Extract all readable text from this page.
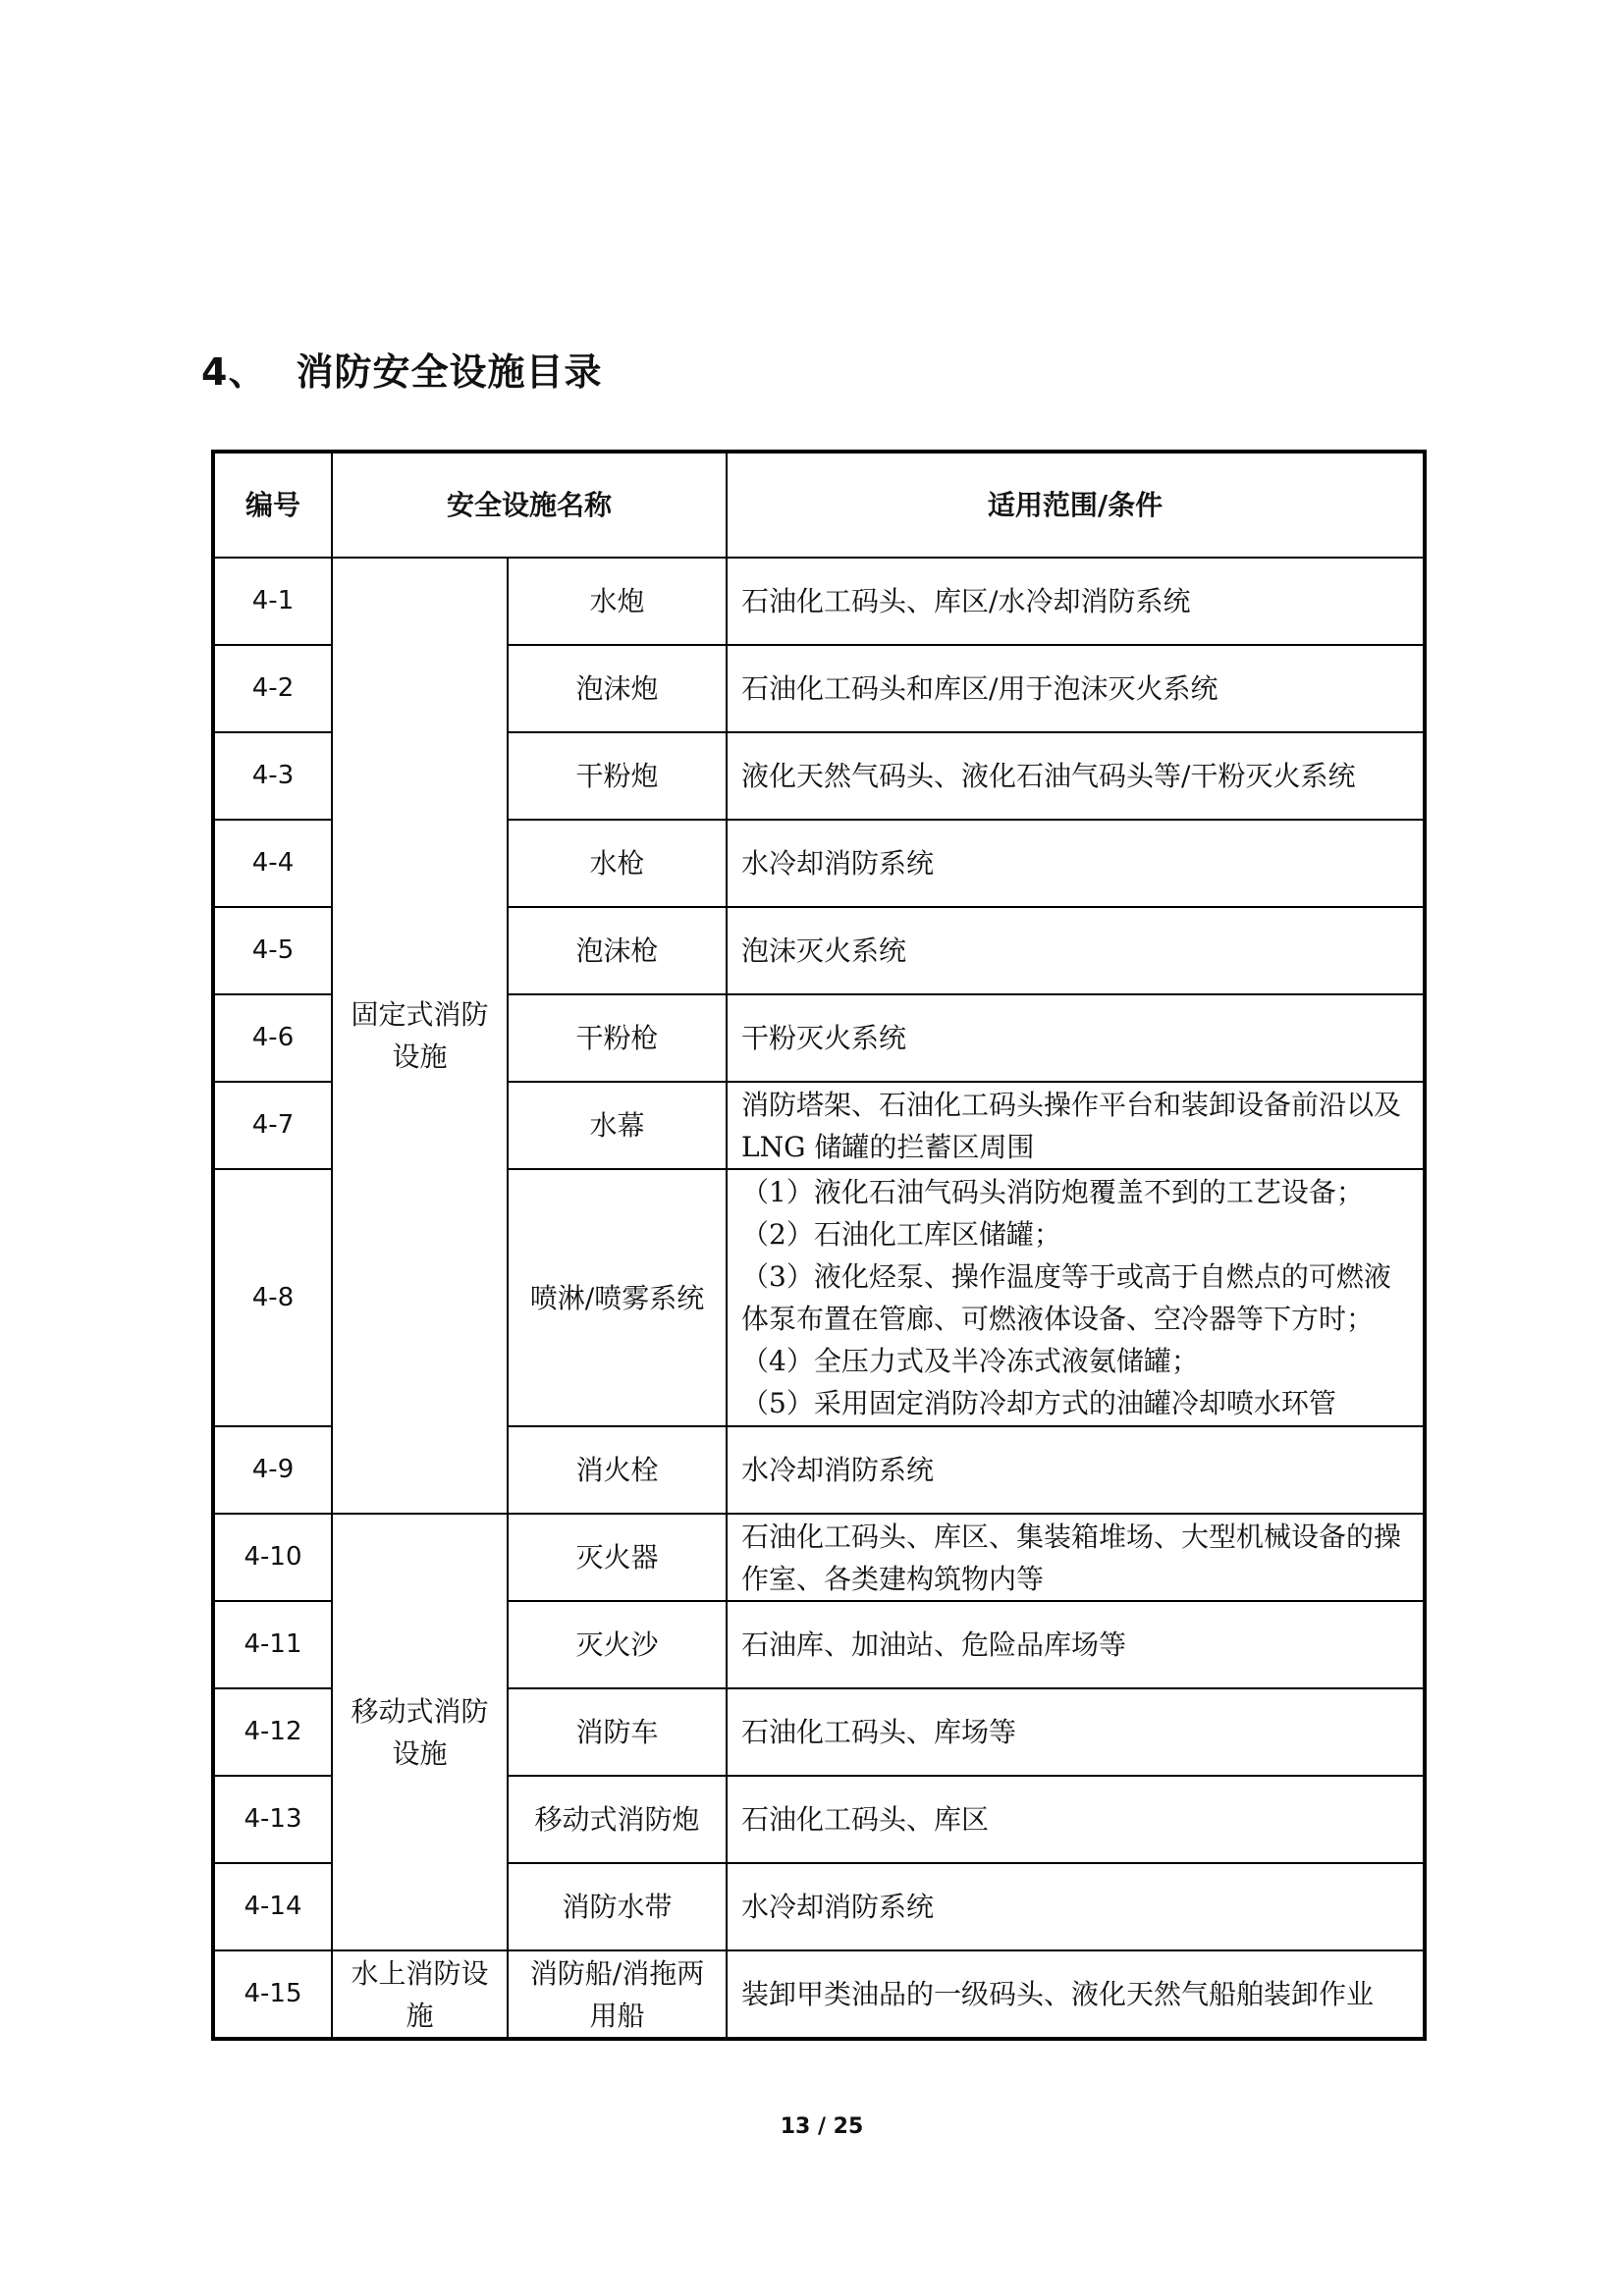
4、 消防安全设施目录
编号	安全设施名称		适用范围/条件
4-1	固定式消防设施	水炮	石油化工码头、库区/水冷却消防系统
4-2		泡沫炮	石油化工码头和库区/用于泡沫灭火系统
4-3		干粉炮	液化天然气码头、液化石油气码头等/干粉灭火系统
4-4		水枪	水冷却消防系统
4-5		泡沫枪	泡沫灭火系统
4-6		干粉枪	干粉灭火系统
4-7		水幕	消防塔架、石油化工码头操作平台和装卸设备前沿以及 LNG 储罐的拦蓄区周围
4-8		喷淋/喷雾系统	（1）液化石油气码头消防炮覆盖不到的工艺设备；
（2）石油化工库区储罐；
（3）液化烃泵、操作温度等于或高于自燃点的可燃液体泵布置在管廊、可燃液体设备、空冷器等下方时；
（4）全压力式及半冷冻式液氨储罐；
（5）采用固定消防冷却方式的油罐冷却喷水环管

4-9		消火栓	水冷却消防系统
4-10	移动式消防设施	灭火器	石油化工码头、库区、集装箱堆场、大型机械设备的操作室、各类建构筑物内等
4-11		灭火沙	石油库、加油站、危险品库场等
4-12		消防车	石油化工码头、库场等
4-13		移动式消防炮	石油化工码头、库区
4-14		消防水带	水冷却消防系统
4-15	水上消防设施	消防船/消拖两用船	装卸甲类油品的一级码头、液化天然气船舶装卸作业
13 / 25
